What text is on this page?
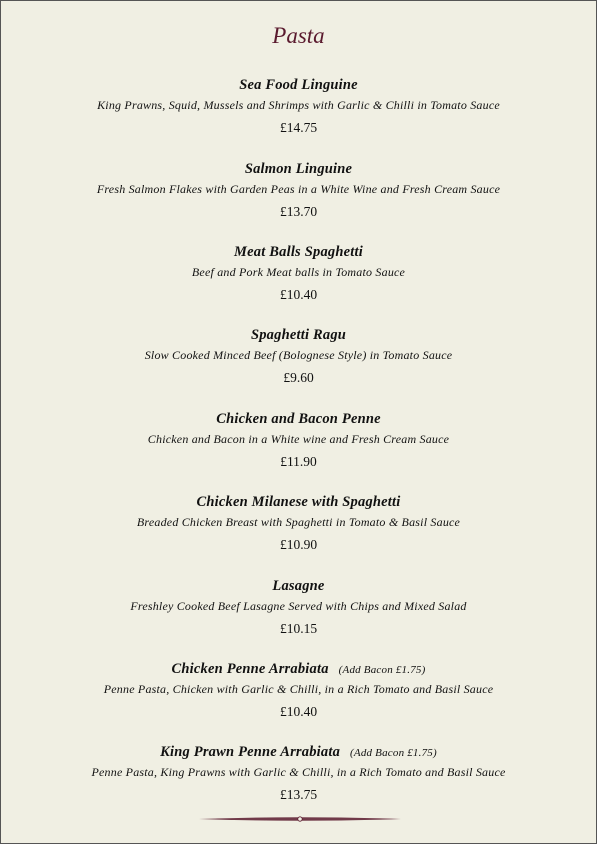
Pasta
Sea Food Linguine
King Prawns, Squid, Mussels and Shrimps with Garlic & Chilli in Tomato Sauce
£14.75
Salmon Linguine
Fresh Salmon Flakes with Garden Peas in a White Wine and Fresh Cream Sauce
£13.70
Meat Balls Spaghetti
Beef and Pork Meat balls in Tomato Sauce
£10.40
Spaghetti Ragu
Slow Cooked Minced Beef (Bolognese Style) in Tomato Sauce
£9.60
Chicken and Bacon Penne
Chicken and Bacon in a White wine and Fresh Cream Sauce
£11.90
Chicken Milanese with Spaghetti
Breaded Chicken Breast with Spaghetti in Tomato & Basil Sauce
£10.90
Lasagne
Freshley Cooked Beef Lasagne Served with Chips and Mixed Salad
£10.15
Chicken Penne Arrabiata (Add Bacon £1.75)
Penne Pasta, Chicken with Garlic & Chilli, in a Rich Tomato and Basil Sauce
£10.40
King Prawn Penne Arrabiata (Add Bacon £1.75)
Penne Pasta, King Prawns with Garlic & Chilli, in a Rich Tomato and Basil Sauce
£13.75
